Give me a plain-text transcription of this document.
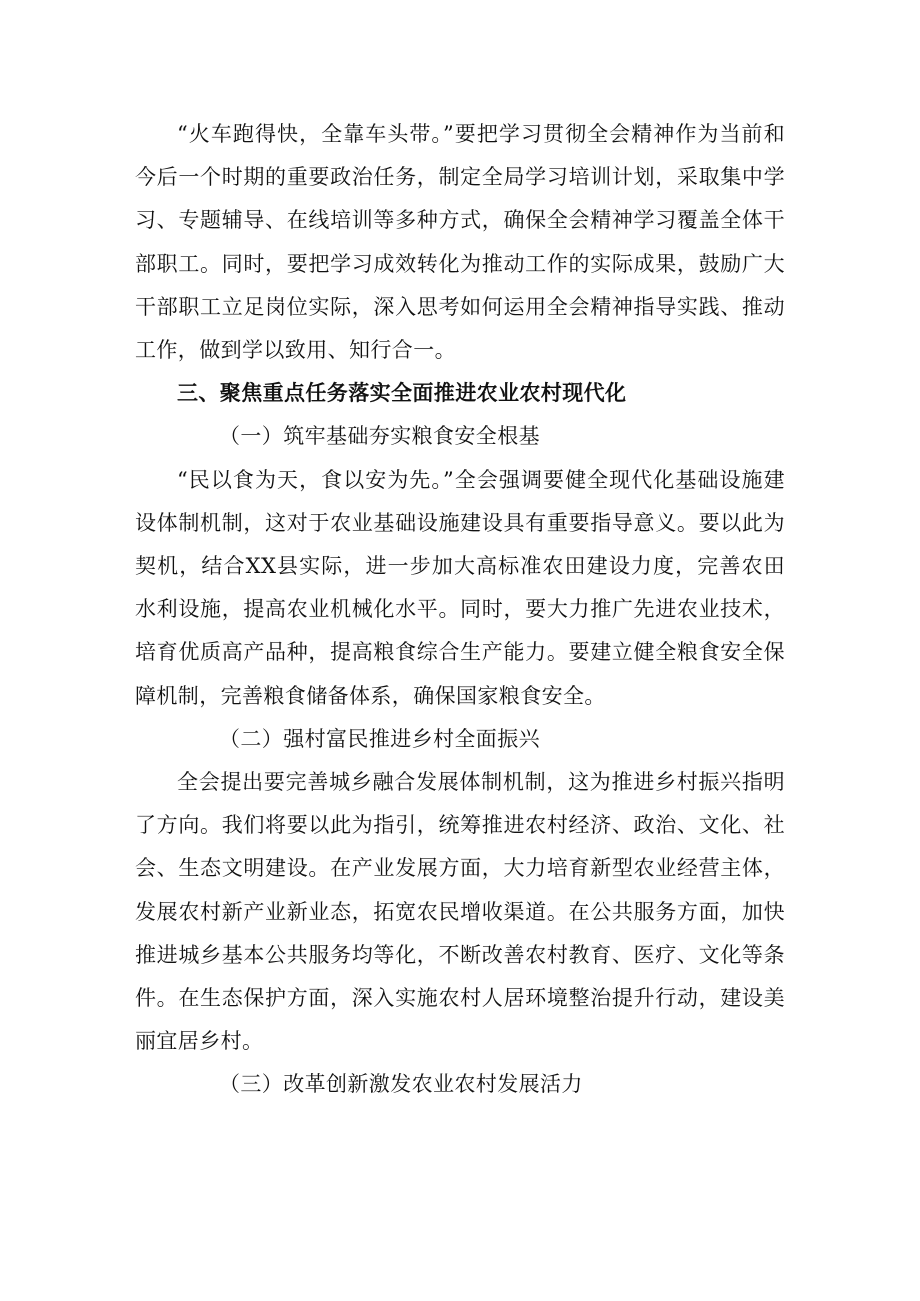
“火车跑得快，全靠车头带。”要把学习贯彻全会精神作为当前和今后一个时期的重要政治任务，制定全局学习培训计划，采取集中学习、专题辅导、在线培训等多种方式，确保全会精神学习覆盖全体干部职工。同时，要把学习成效转化为推动工作的实际成果，鼓励广大干部职工立足岗位实际，深入思考如何运用全会精神指导实践、推动工作，做到学以致用、知行合一。

三、聚焦重点任务落实全面推进农业农村现代化

（一）筑牢基础夯实粮食安全根基

“民以食为天，食以安为先。”全会强调要健全现代化基础设施建设体制机制，这对于农业基础设施建设具有重要指导意义。要以此为契机，结合XX县实际，进一步加大高标准农田建设力度，完善农田水利设施，提高农业机械化水平。同时，要大力推广先进农业技术，培育优质高产品种，提高粮食综合生产能力。要建立健全粮食安全保障机制，完善粮食储备体系，确保国家粮食安全。

（二）强村富民推进乡村全面振兴

全会提出要完善城乡融合发展体制机制，这为推进乡村振兴指明了方向。我们将要以此为指引，统筹推进农村经济、政治、文化、社会、生态文明建设。在产业发展方面，大力培育新型农业经营主体，发展农村新产业新业态，拓宽农民增收渠道。在公共服务方面，加快推进城乡基本公共服务均等化，不断改善农村教育、医疗、文化等条件。在生态保护方面，深入实施农村人居环境整治提升行动，建设美丽宜居乡村。

（三）改革创新激发农业农村发展活力
